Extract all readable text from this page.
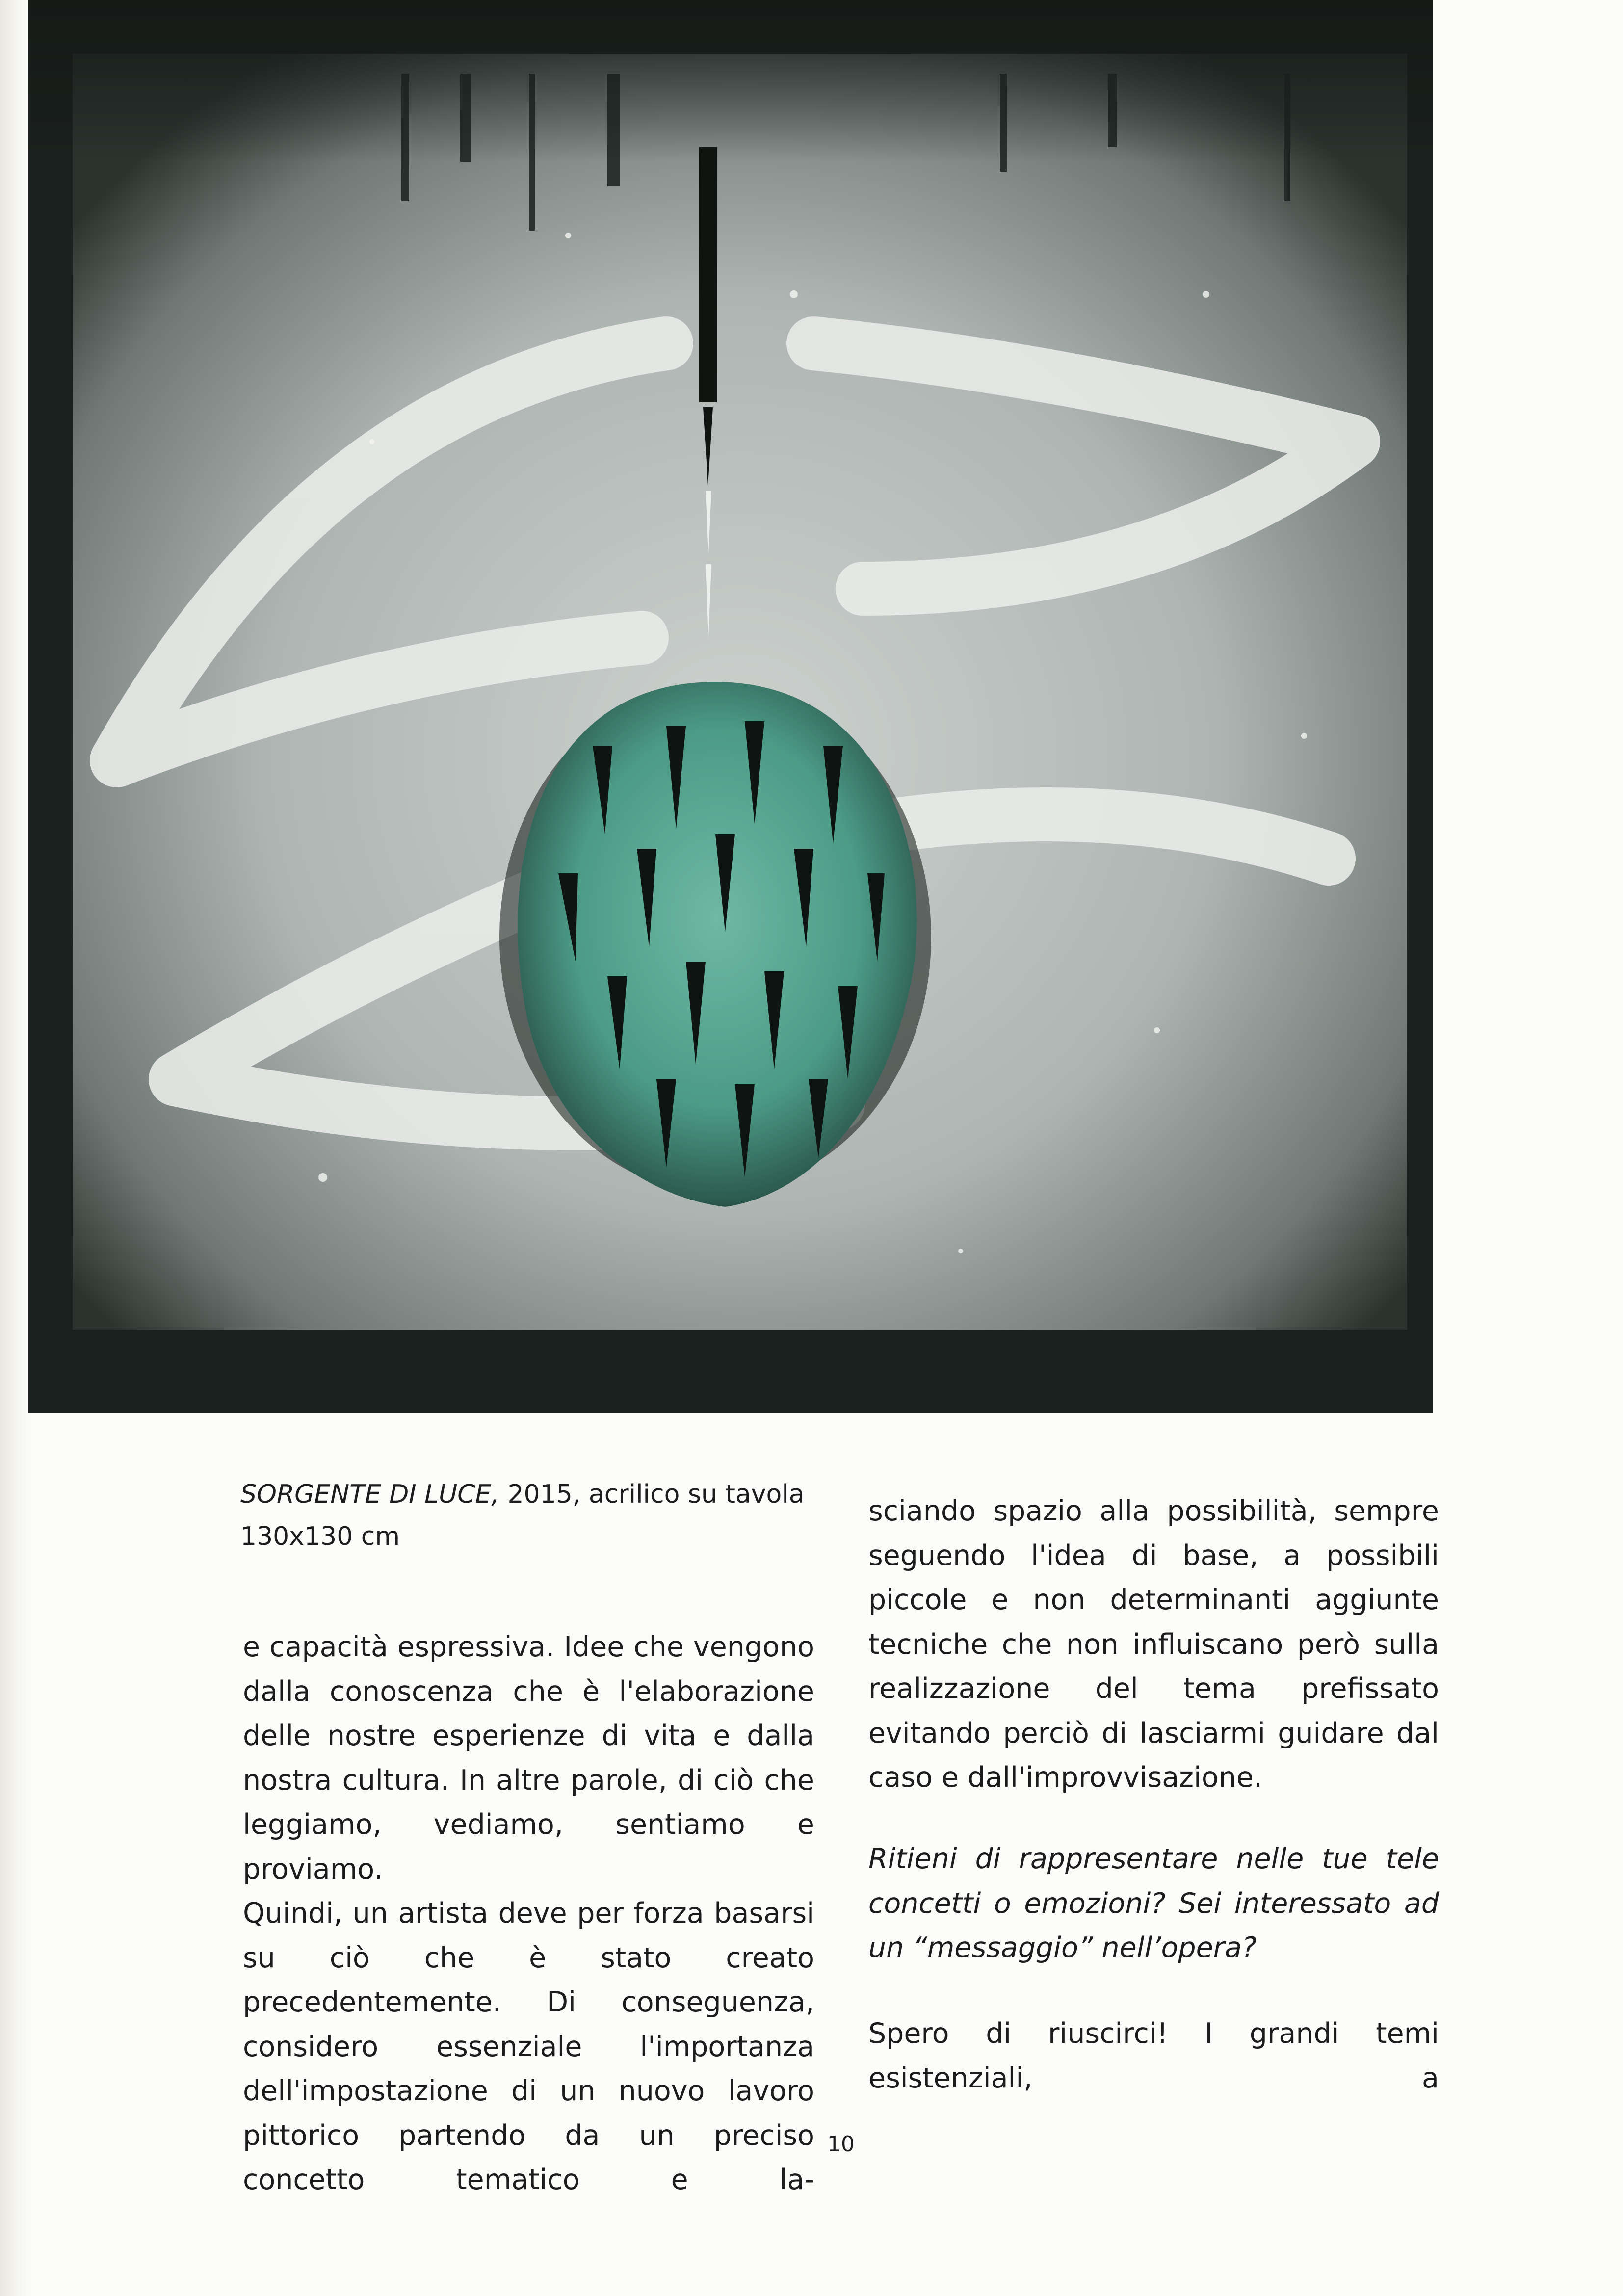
SORGENTE DI LUCE, 2015, acrilico su tavola
130x130 cm

e capacità espressiva. Idee che vengono dalla conoscenza che è l'elaborazione delle nostre esperienze di vita e dalla nostra cultura. In altre parole, di ciò che leggiamo, vediamo, sentiamo e proviamo.

Quindi, un artista deve per forza basarsi su ciò che è stato creato precedentemente. Di conseguenza, considero essenziale l'importanza dell'impostazione di un nuovo lavoro pittorico partendo da un preciso concetto tematico e la-

sciando spazio alla possibilità, sempre seguendo l'idea di base, a possibili piccole e non determinanti aggiunte tecniche che non influiscano però sulla realizzazione del tema prefissato evitando perciò di lasciarmi guidare dal caso e dall'improvvisazione.

Ritieni di rappresentare nelle tue tele concetti o emozioni? Sei interessato ad un “messaggio” nell’opera?

Spero di riuscirci! I grandi temi esistenziali, a

10
